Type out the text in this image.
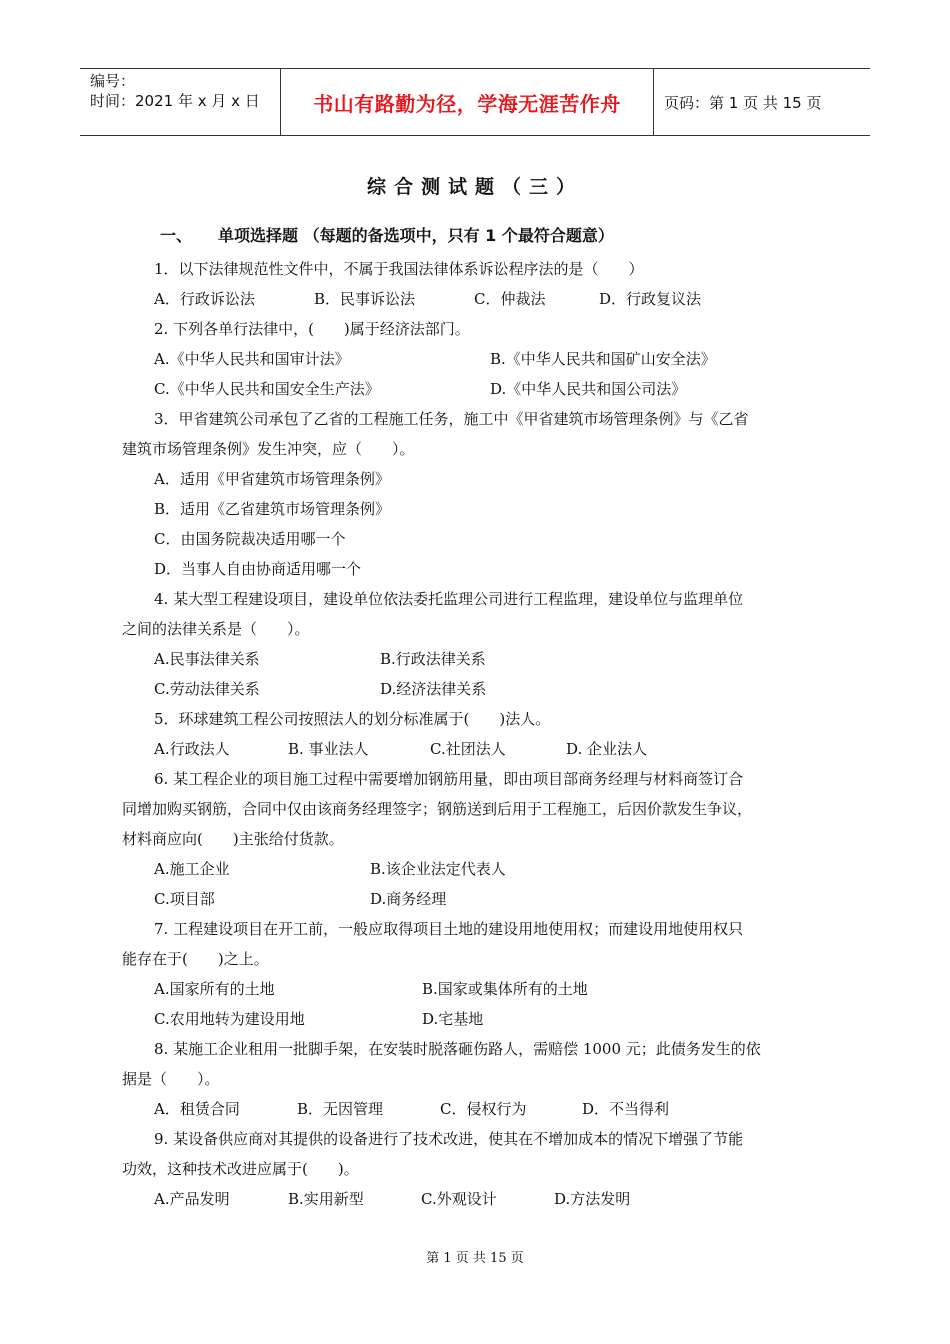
编号：
时间：2021 年 x 月 x 日	书山有路勤为径，学海无涯苦作舟	页码：第 1 页 共 15 页
综合测试题（三）
一、 单项选择题 （每题的备选项中，只有 1 个最符合题意）
1．以下法律规范性文件中，不属于我国法律体系诉讼程序法的是（　　）
A．行政诉讼法	B．民事诉讼法	C．仲裁法	D．行政复议法
2. 下列各单行法律中，(　　)属于经济法部门。
A.《中华人民共和国审计法》	B.《中华人民共和国矿山安全法》
C.《中华人民共和国安全生产法》	D.《中华人民共和国公司法》
3．甲省建筑公司承包了乙省的工程施工任务，施工中《甲省建筑市场管理条例》与《乙省
建筑市场管理条例》发生冲突，应（　　）。
A．适用《甲省建筑市场管理条例》
B．适用《乙省建筑市场管理条例》
C．由国务院裁决适用哪一个
D．当事人自由协商适用哪一个
4. 某大型工程建设项目，建设单位依法委托监理公司进行工程监理，建设单位与监理单位
之间的法律关系是（　　）。
A.民事法律关系	B.行政法律关系
C.劳动法律关系	D.经济法律关系
5．环球建筑工程公司按照法人的划分标准属于(　　)法人。
A.行政法人	B. 事业法人	C.社团法人	D. 企业法人
6. 某工程企业的项目施工过程中需要增加钢筋用量，即由项目部商务经理与材料商签订合
同增加购买钢筋，合同中仅由该商务经理签字；钢筋送到后用于工程施工，后因价款发生争议，
材料商应向(　　)主张给付货款。
A.施工企业	B.该企业法定代表人
C.项目部	D.商务经理
7. 工程建设项目在开工前，一般应取得项目土地的建设用地使用权；而建设用地使用权只
能存在于(　　)之上。
A.国家所有的土地	B.国家或集体所有的土地
C.农用地转为建设用地	D.宅基地
8. 某施工企业租用一批脚手架，在安装时脱落砸伤路人，需赔偿 1000 元；此债务发生的依
据是（　　）。
A．租赁合同	B．无因管理	C．侵权行为	D．不当得利
9. 某设备供应商对其提供的设备进行了技术改进，使其在不增加成本的情况下增强了节能
功效，这种技术改进应属于(　　)。
A.产品发明	B.实用新型	C.外观设计	D.方法发明
第 1 页 共 15 页
